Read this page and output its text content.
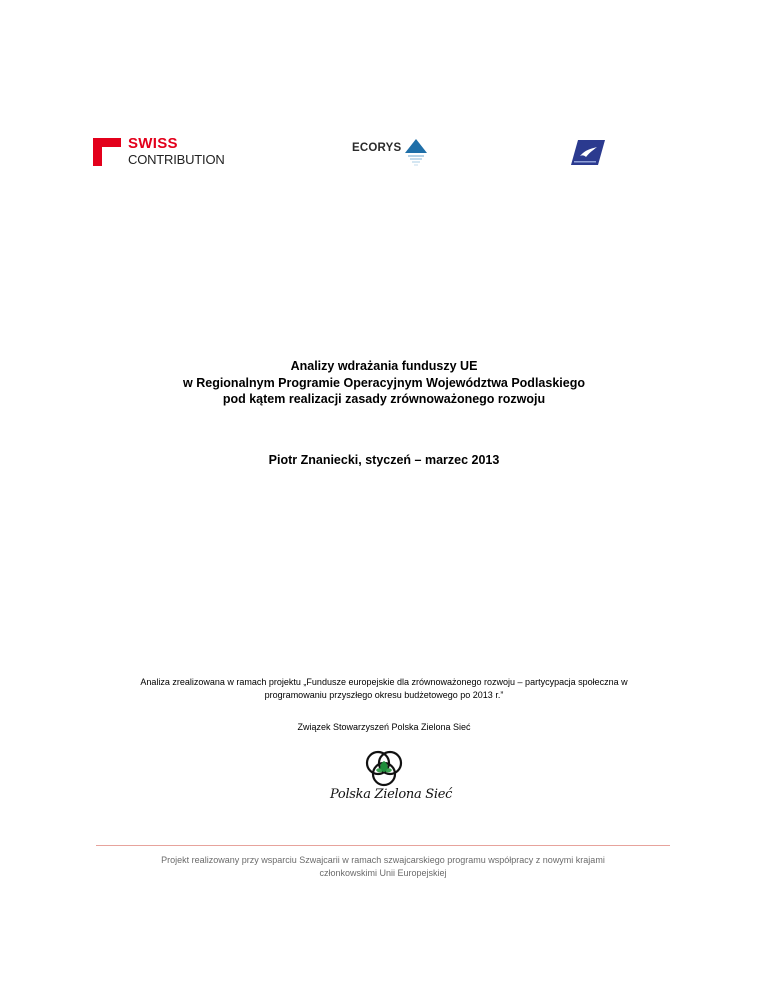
SWISS
CONTRIBUTION
ECORYS
Analizy wdrażania funduszy UE
w Regionalnym Programie Operacyjnym Województwa Podlaskiego
pod kątem realizacji zasady zrównoważonego rozwoju
Piotr Znaniecki, styczeń – marzec 2013
Analiza zrealizowana w ramach projektu „Fundusze europejskie dla zrównoważonego rozwoju – partycypacja społeczna w
programowaniu przyszłego okresu budżetowego po 2013 r.”
Związek Stowarzyszeń Polska Zielona Sieć
Polska Zielona Sieć
Projekt realizowany przy wsparciu Szwajcarii w ramach szwajcarskiego programu współpracy z nowymi krajami
członkowskimi Unii Europejskiej
